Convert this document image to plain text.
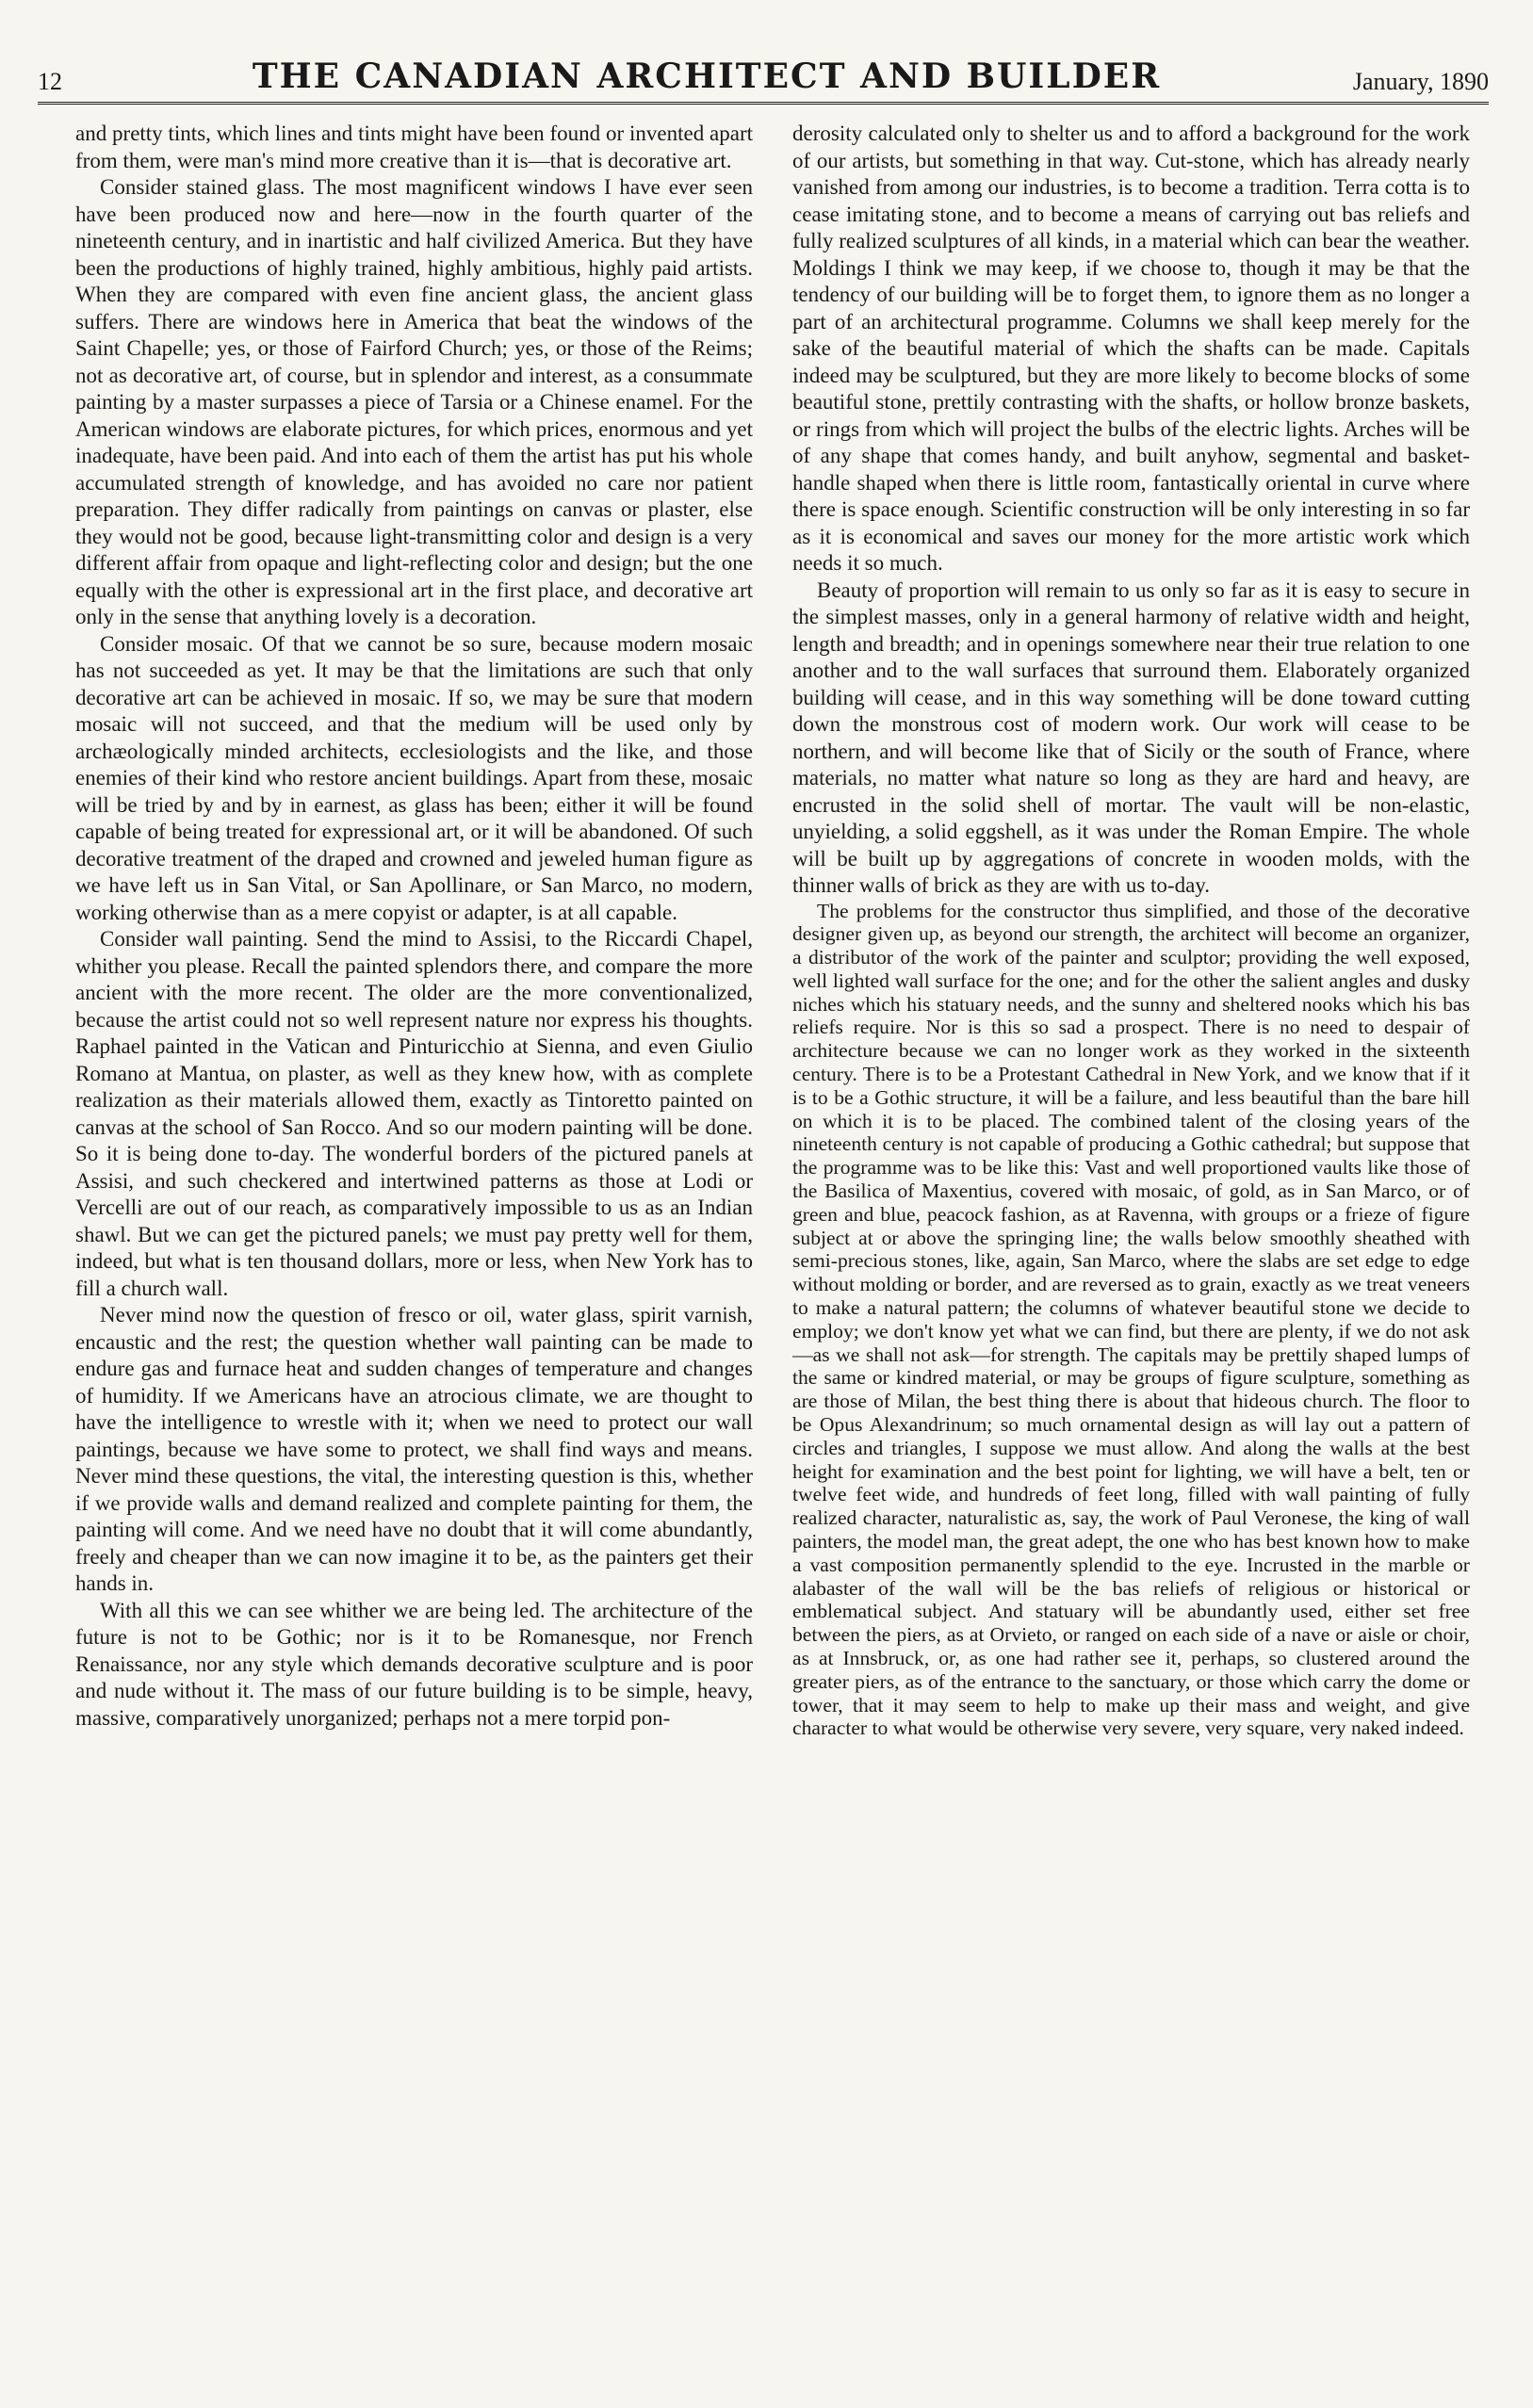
12	THE CANADIAN ARCHITECT AND BUILDER	January, 1890

and pretty tints, which lines and tints might have been found or invented apart from them, were man's mind more creative than it is—that is decorative art.

Consider stained glass. The most magnificent windows I have ever seen have been produced now and here—now in the fourth quarter of the nineteenth century, and in inartistic and half civilized America. But they have been the productions of highly trained, highly ambitious, highly paid artists. When they are compared with even fine ancient glass, the ancient glass suffers. There are windows here in America that beat the windows of the Saint Chapelle; yes, or those of Fairford Church; yes, or those of the Reims; not as decorative art, of course, but in splendor and interest, as a consummate painting by a master surpasses a piece of Tarsia or a Chinese enamel. For the American windows are elaborate pictures, for which prices, enormous and yet inadequate, have been paid. And into each of them the artist has put his whole accumulated strength of knowledge, and has avoided no care nor patient preparation. They differ radically from paintings on canvas or plaster, else they would not be good, because light-transmitting color and design is a very different affair from opaque and light-reflecting color and design; but the one equally with the other is expressional art in the first place, and decorative art only in the sense that anything lovely is a decoration.

Consider mosaic. Of that we cannot be so sure, because modern mosaic has not succeeded as yet. It may be that the limitations are such that only decorative art can be achieved in mosaic. If so, we may be sure that modern mosaic will not succeed, and that the medium will be used only by archæologically minded architects, ecclesiologists and the like, and those enemies of their kind who restore ancient buildings. Apart from these, mosaic will be tried by and by in earnest, as glass has been; either it will be found capable of being treated for expressional art, or it will be abandoned. Of such decorative treatment of the draped and crowned and jeweled human figure as we have left us in San Vital, or San Apollinare, or San Marco, no modern, working otherwise than as a mere copyist or adapter, is at all capable.

Consider wall painting. Send the mind to Assisi, to the Riccardi Chapel, whither you please. Recall the painted splendors there, and compare the more ancient with the more recent. The older are the more conventionalized, because the artist could not so well represent nature nor express his thoughts. Raphael painted in the Vatican and Pinturicchio at Sienna, and even Giulio Romano at Mantua, on plaster, as well as they knew how, with as complete realization as their materials allowed them, exactly as Tintoretto painted on canvas at the school of San Rocco. And so our modern painting will be done. So it is being done to-day. The wonderful borders of the pictured panels at Assisi, and such checkered and intertwined patterns as those at Lodi or Vercelli are out of our reach, as comparatively impossible to us as an Indian shawl. But we can get the pictured panels; we must pay pretty well for them, indeed, but what is ten thousand dollars, more or less, when New York has to fill a church wall.

Never mind now the question of fresco or oil, water glass, spirit varnish, encaustic and the rest; the question whether wall painting can be made to endure gas and furnace heat and sudden changes of temperature and changes of humidity. If we Americans have an atrocious climate, we are thought to have the intelligence to wrestle with it; when we need to protect our wall paintings, because we have some to protect, we shall find ways and means. Never mind these questions, the vital, the interesting question is this, whether if we provide walls and demand realized and complete painting for them, the painting will come. And we need have no doubt that it will come abundantly, freely and cheaper than we can now imagine it to be, as the painters get their hands in.

With all this we can see whither we are being led. The architecture of the future is not to be Gothic; nor is it to be Romanesque, nor French Renaissance, nor any style which demands decorative sculpture and is poor and nude without it. The mass of our future building is to be simple, heavy, massive, comparatively unorganized; perhaps not a mere torpid pon-

derosity calculated only to shelter us and to afford a background for the work of our artists, but something in that way. Cut-stone, which has already nearly vanished from among our industries, is to become a tradition. Terra cotta is to cease imitating stone, and to become a means of carrying out bas reliefs and fully realized sculptures of all kinds, in a material which can bear the weather. Moldings I think we may keep, if we choose to, though it may be that the tendency of our building will be to forget them, to ignore them as no longer a part of an architectural programme. Columns we shall keep merely for the sake of the beautiful material of which the shafts can be made. Capitals indeed may be sculptured, but they are more likely to become blocks of some beautiful stone, prettily contrasting with the shafts, or hollow bronze baskets, or rings from which will project the bulbs of the electric lights. Arches will be of any shape that comes handy, and built anyhow, segmental and basket-handle shaped when there is little room, fantastically oriental in curve where there is space enough. Scientific construction will be only interesting in so far as it is economical and saves our money for the more artistic work which needs it so much.

Beauty of proportion will remain to us only so far as it is easy to secure in the simplest masses, only in a general harmony of relative width and height, length and breadth; and in openings somewhere near their true relation to one another and to the wall surfaces that surround them. Elaborately organized building will cease, and in this way something will be done toward cutting down the monstrous cost of modern work. Our work will cease to be northern, and will become like that of Sicily or the south of France, where materials, no matter what nature so long as they are hard and heavy, are encrusted in the solid shell of mortar. The vault will be non-elastic, unyielding, a solid eggshell, as it was under the Roman Empire. The whole will be built up by aggregations of concrete in wooden molds, with the thinner walls of brick as they are with us to-day.

The problems for the constructor thus simplified, and those of the decorative designer given up, as beyond our strength, the architect will become an organizer, a distributor of the work of the painter and sculptor; providing the well exposed, well lighted wall surface for the one; and for the other the salient angles and dusky niches which his statuary needs, and the sunny and sheltered nooks which his bas reliefs require. Nor is this so sad a prospect. There is no need to despair of architecture because we can no longer work as they worked in the sixteenth century. There is to be a Protestant Cathedral in New York, and we know that if it is to be a Gothic structure, it will be a failure, and less beautiful than the bare hill on which it is to be placed. The combined talent of the closing years of the nineteenth century is not capable of producing a Gothic cathedral; but suppose that the programme was to be like this: Vast and well proportioned vaults like those of the Basilica of Maxentius, covered with mosaic, of gold, as in San Marco, or of green and blue, peacock fashion, as at Ravenna, with groups or a frieze of figure subject at or above the springing line; the walls below smoothly sheathed with semi-precious stones, like, again, San Marco, where the slabs are set edge to edge without molding or border, and are reversed as to grain, exactly as we treat veneers to make a natural pattern; the columns of whatever beautiful stone we decide to employ; we don't know yet what we can find, but there are plenty, if we do not ask—as we shall not ask—for strength. The capitals may be prettily shaped lumps of the same or kindred material, or may be groups of figure sculpture, something as are those of Milan, the best thing there is about that hideous church. The floor to be Opus Alexandrinum; so much ornamental design as will lay out a pattern of circles and triangles, I suppose we must allow. And along the walls at the best height for examination and the best point for lighting, we will have a belt, ten or twelve feet wide, and hundreds of feet long, filled with wall painting of fully realized character, naturalistic as, say, the work of Paul Veronese, the king of wall painters, the model man, the great adept, the one who has best known how to make a vast composition permanently splendid to the eye. Incrusted in the marble or alabaster of the wall will be the bas reliefs of religious or historical or emblematical subject. And statuary will be abundantly used, either set free between the piers, as at Orvieto, or ranged on each side of a nave or aisle or choir, as at Innsbruck, or, as one had rather see it, perhaps, so clustered around the greater piers, as of the entrance to the sanctuary, or those which carry the dome or tower, that it may seem to help to make up their mass and weight, and give character to what would be otherwise very severe, very square, very naked indeed.
